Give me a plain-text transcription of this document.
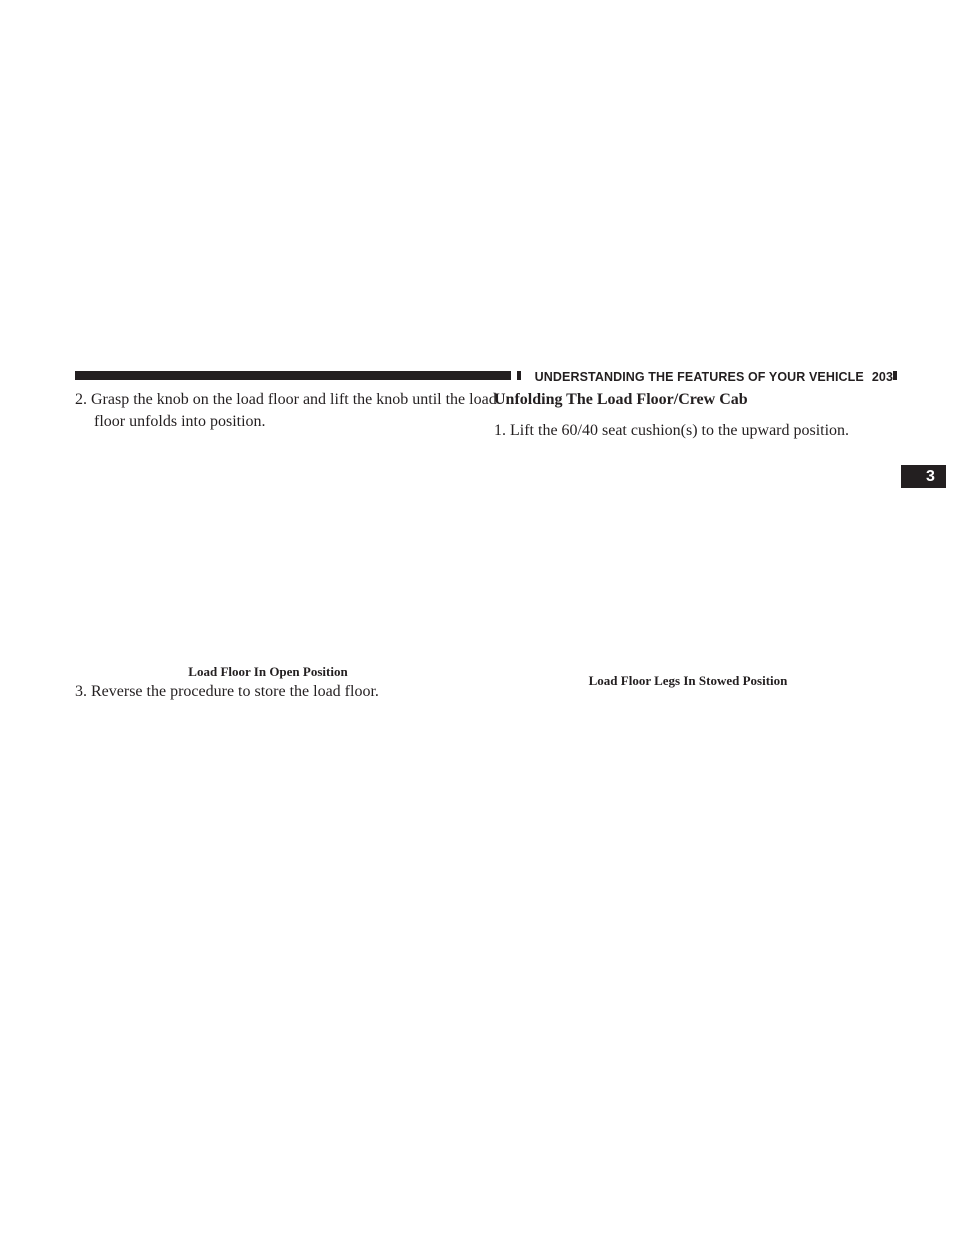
UNDERSTANDING THE FEATURES OF YOUR VEHICLE 203
3
2. Grasp the knob on the load floor and lift the knob until the load floor unfolds into position.
Unfolding The Load Floor/Crew Cab
1. Lift the 60/40 seat cushion(s) to the upward position.
Load Floor In Open Position
3. Reverse the procedure to store the load floor.
Load Floor Legs In Stowed Position
